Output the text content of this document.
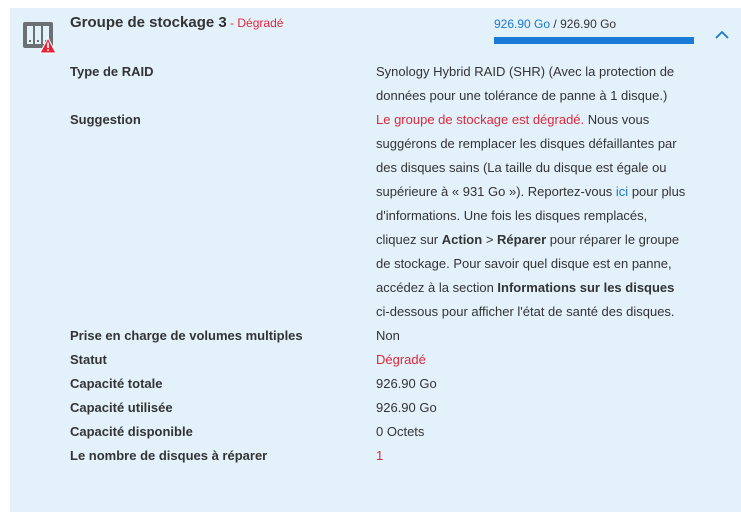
Groupe de stockage 3 - Dégradé	926.90 Go / 926.90 Go
Type de RAID	Synology Hybrid RAID (SHR) (Avec la protection de données pour une tolérance de panne à 1 disque.)
Suggestion	Le groupe de stockage est dégradé. Nous vous suggérons de remplacer les disques défaillantes par des disques sains (La taille du disque est égale ou supérieure à « 931 Go »). Reportez-vous ici pour plus d'informations. Une fois les disques remplacés, cliquez sur Action > Réparer pour réparer le groupe de stockage. Pour savoir quel disque est en panne, accédez à la section Informations sur les disques ci-dessous pour afficher l'état de santé des disques.
Prise en charge de volumes multiples	Non
Statut	Dégradé
Capacité totale	926.90 Go
Capacité utilisée	926.90 Go
Capacité disponible	0 Octets
Le nombre de disques à réparer	1
